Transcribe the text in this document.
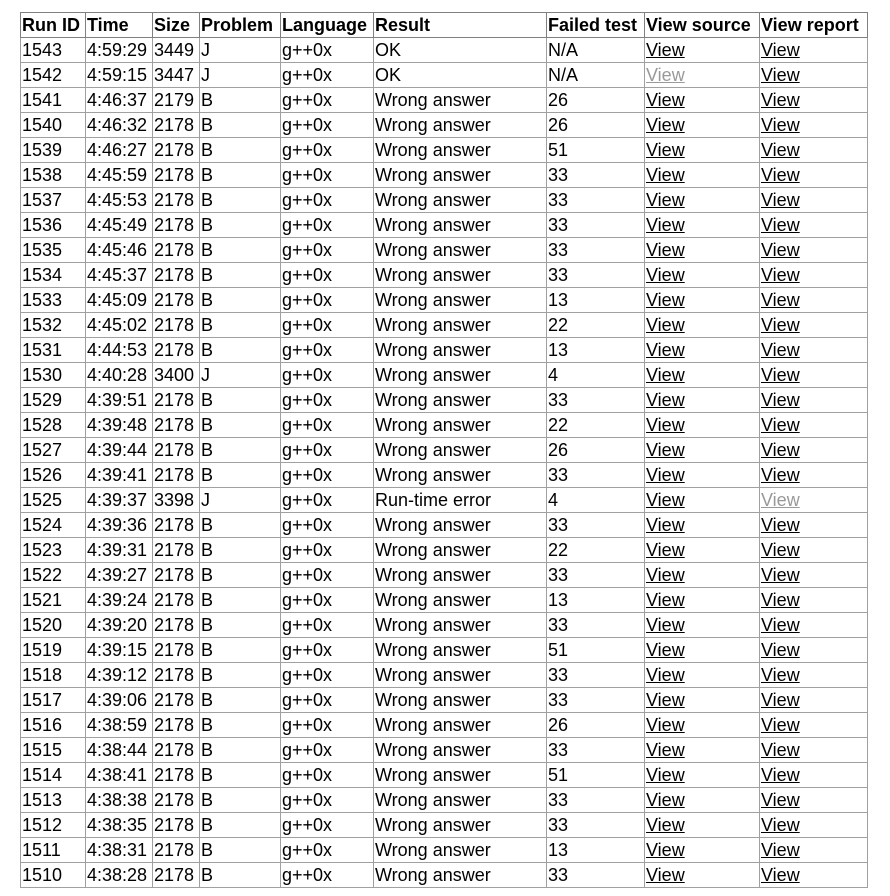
Run ID	Time	Size	Problem	Language	Result	Failed test	View source	View report
1543	4:59:29	3449	J	g++0x	OK	N/A	View	View
1542	4:59:15	3447	J	g++0x	OK	N/A	View	View
1541	4:46:37	2179	B	g++0x	Wrong answer	26	View	View
1540	4:46:32	2178	B	g++0x	Wrong answer	26	View	View
1539	4:46:27	2178	B	g++0x	Wrong answer	51	View	View
1538	4:45:59	2178	B	g++0x	Wrong answer	33	View	View
1537	4:45:53	2178	B	g++0x	Wrong answer	33	View	View
1536	4:45:49	2178	B	g++0x	Wrong answer	33	View	View
1535	4:45:46	2178	B	g++0x	Wrong answer	33	View	View
1534	4:45:37	2178	B	g++0x	Wrong answer	33	View	View
1533	4:45:09	2178	B	g++0x	Wrong answer	13	View	View
1532	4:45:02	2178	B	g++0x	Wrong answer	22	View	View
1531	4:44:53	2178	B	g++0x	Wrong answer	13	View	View
1530	4:40:28	3400	J	g++0x	Wrong answer	4	View	View
1529	4:39:51	2178	B	g++0x	Wrong answer	33	View	View
1528	4:39:48	2178	B	g++0x	Wrong answer	22	View	View
1527	4:39:44	2178	B	g++0x	Wrong answer	26	View	View
1526	4:39:41	2178	B	g++0x	Wrong answer	33	View	View
1525	4:39:37	3398	J	g++0x	Run-time error	4	View	View
1524	4:39:36	2178	B	g++0x	Wrong answer	33	View	View
1523	4:39:31	2178	B	g++0x	Wrong answer	22	View	View
1522	4:39:27	2178	B	g++0x	Wrong answer	33	View	View
1521	4:39:24	2178	B	g++0x	Wrong answer	13	View	View
1520	4:39:20	2178	B	g++0x	Wrong answer	33	View	View
1519	4:39:15	2178	B	g++0x	Wrong answer	51	View	View
1518	4:39:12	2178	B	g++0x	Wrong answer	33	View	View
1517	4:39:06	2178	B	g++0x	Wrong answer	33	View	View
1516	4:38:59	2178	B	g++0x	Wrong answer	26	View	View
1515	4:38:44	2178	B	g++0x	Wrong answer	33	View	View
1514	4:38:41	2178	B	g++0x	Wrong answer	51	View	View
1513	4:38:38	2178	B	g++0x	Wrong answer	33	View	View
1512	4:38:35	2178	B	g++0x	Wrong answer	33	View	View
1511	4:38:31	2178	B	g++0x	Wrong answer	13	View	View
1510	4:38:28	2178	B	g++0x	Wrong answer	33	View	View
